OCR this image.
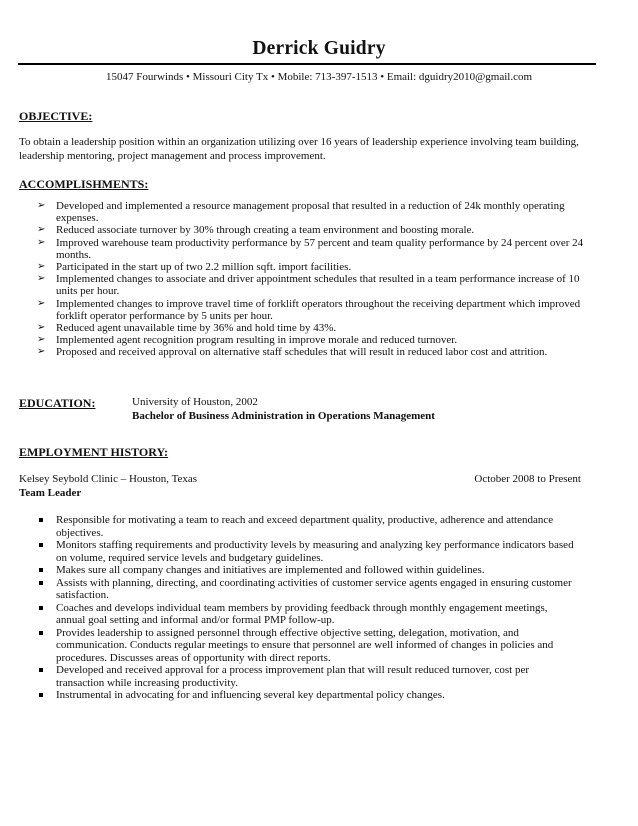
Derrick Guidry
15047 Fourwinds • Missouri City Tx • Mobile: 713-397-1513 • Email: dguidry2010@gmail.com
OBJECTIVE:
To obtain a leadership position within an organization utilizing over 16 years of leadership experience involving team building, leadership mentoring, project management and process improvement.
ACCOMPLISHMENTS:
➢ Developed and implemented a resource management proposal that resulted in a reduction of 24k monthly operating expenses.
➢ Reduced associate turnover by 30% through creating a team environment and boosting morale.
➢ Improved warehouse team productivity performance by 57 percent and team quality performance by 24 percent over 24 months.
➢ Participated in the start up of two 2.2 million sqft. import facilities.
➢ Implemented changes to associate and driver appointment schedules that resulted in a team performance increase of 10 units per hour.
➢ Implemented changes to improve travel time of forklift operators throughout the receiving department which improved forklift operator performance by 5 units per hour.
➢ Reduced agent unavailable time by 36% and hold time by 43%.
➢ Implemented agent recognition program resulting in improve morale and reduced turnover.
➢ Proposed and received approval on alternative staff schedules that will result in reduced labor cost and attrition.
EDUCATION:	University of Houston, 2002
Bachelor of Business Administration in Operations Management
EMPLOYMENT HISTORY:
Kelsey Seybold Clinic – Houston, Texas	October 2008 to Present
Team Leader
Responsible for motivating a team to reach and exceed department quality, productive, adherence and attendance objectives.
Monitors staffing requirements and productivity levels by measuring and analyzing key performance indicators based on volume, required service levels and budgetary guidelines.
Makes sure all company changes and initiatives are implemented and followed within guidelines.
Assists with planning, directing, and coordinating activities of customer service agents engaged in ensuring customer satisfaction.
Coaches and develops individual team members by providing feedback through monthly engagement meetings, annual goal setting and informal and/or formal PMP follow-up.
Provides leadership to assigned personnel through effective objective setting, delegation, motivation, and communication. Conducts regular meetings to ensure that personnel are well informed of changes in policies and procedures. Discusses areas of opportunity with direct reports.
Developed and received approval for a process improvement plan that will result reduced turnover, cost per transaction while increasing productivity.
Instrumental in advocating for and influencing several key departmental policy changes.
